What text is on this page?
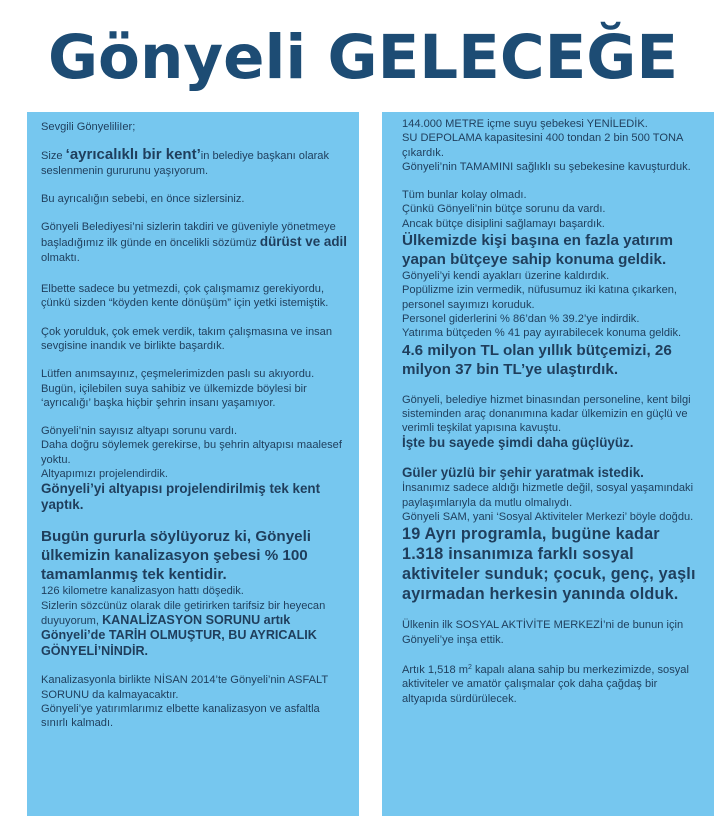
Gönyeli GELECEĞE

Sevgili GönyeliliIer;

Size ‘ayrıcalıklı bir kent’in belediye başkanı olarak seslenmenin gururunu yaşıyorum.

Bu ayrıcalığın sebebi, en önce sizlersiniz.

Gönyeli Belediyesi’ni sizlerin takdiri ve güveniyle yönetmeye başladığımız ilk günde en öncelikli sözümüz dürüst ve adil olmaktı.

Elbette sadece bu yetmezdi, çok çalışmamız gerekiyordu, çünkü sizden “köyden kente dönüşüm” için yetki istemiştik.

Çok yorulduk, çok emek verdik, takım çalışmasına ve insan sevgisine inandık ve birlikte başardık.

Lütfen anımsayınız, çeşmelerimizden paslı su akıyordu. Bugün, içilebilen suya sahibiz ve ülkemizde böylesi bir ‘ayrıcalığı’ başka hiçbir şehrin insanı yaşamıyor.

Gönyeli’nin sayısız altyapı sorunu vardı.

Daha doğru söylemek gerekirse, bu şehrin altyapısı maalesef yoktu.

Altyapımızı projelendirdik.

Gönyeli’yi altyapısı projelendirilmiş tek kent yaptık.

Bugün gururla söylüyoruz ki, Gönyeli ülkemizin kanalizasyon şebesi % 100 tamamlanmış tek kentidir.

126 kilometre kanalizasyon hattı döşedik.

Sizlerin sözcünüz olarak dile getirirken tarifsiz bir heyecan duyuyorum, KANALİZASYON SORUNU artık Gönyeli’de TARİH OLMUŞTUR, BU AYRICALIK GÖNYELİ’NİNDİR.

Kanalizasyonla birlikte NİSAN 2014’te Gönyeli’nin ASFALT SORUNU da kalmayacaktır.

Gönyeli’ye yatırımlarımız elbette kanalizasyon ve asfaltla sınırlı kalmadı.

144.000 METRE içme suyu şebekesi YENİLEDİK.

SU DEPOLAMA kapasitesini 400 tondan 2 bin 500 TONA çıkardık.

Gönyeli’nin TAMAMINI sağlıklı su şebekesine kavuşturduk.

Tüm bunlar kolay olmadı.

Çünkü Gönyeli’nin bütçe sorunu da vardı.

Ancak bütçe disiplini sağlamayı başardık.

Ülkemizde kişi başına en fazla yatırım yapan bütçeye sahip konuma geldik.

Gönyeli’yi kendi ayakları üzerine kaldırdık.

Popülizme izin vermedik, nüfusumuz iki katına çıkarken, personel sayımızı koruduk.

Personel giderlerini % 86’dan % 39.2’ye indirdik.

Yatırıma bütçeden % 41 pay ayırabilecek konuma geldik.

4.6 milyon TL olan yıllık bütçemizi, 26 milyon 37 bin TL’ye ulaştırdık.

Gönyeli, belediye hizmet binasından personeline, kent bilgi sisteminden araç donanımına kadar ülkemizin en güçlü ve verimli teşkilat yapısına kavuştu.

İşte bu sayede şimdi daha güçlüyüz.

Güler yüzlü bir şehir yaratmak istedik.

İnsanımız sadece aldığı hizmetle değil, sosyal yaşamındaki paylaşımlarıyla da mutlu olmalıydı.

Gönyeli SAM, yani ‘Sosyal Aktiviteler Merkezi’ böyle doğdu.

19 Ayrı programla, bugüne kadar 1.318 insanımıza farklı sosyal aktiviteler sunduk; çocuk, genç, yaşlı ayırmadan herkesin yanında olduk.

Ülkenin ilk SOSYAL AKTİVİTE MERKEZİ’ni de bunun için Gönyeli’ye inşa ettik.

Artık 1,518 $m^2$ kapalı alana sahip bu merkezimizde, sosyal aktiviteler ve amatör çalışmalar çok daha çağdaş bir altyapıda sürdürülecek.
